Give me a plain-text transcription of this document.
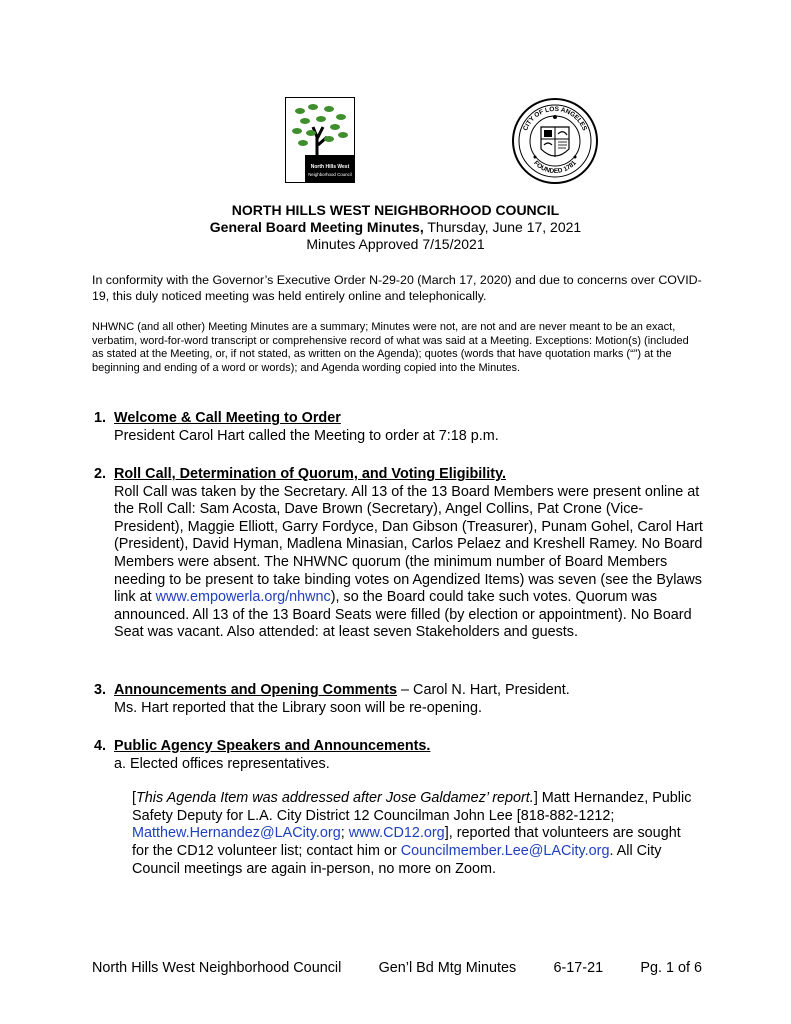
North Hills West
Neighborhood Council
CITY OF LOS ANGELES
FOUNDED 1781
NORTH HILLS WEST NEIGHBORHOOD COUNCIL
General Board Meeting Minutes, Thursday, June 17, 2021
Minutes Approved 7/15/2021

In conformity with the Governor’s Executive Order N-29-20 (March 17, 2020) and due to concerns over COVID-19, this duly noticed meeting was held entirely online and telephonically.

NHWNC (and all other) Meeting Minutes are a summary; Minutes were not, are not and are never meant to be an exact, verbatim, word-for-word transcript or comprehensive record of what was said at a Meeting. Exceptions: Motion(s) (included as stated at the Meeting, or, if not stated, as written on the Agenda); quotes (words that have quotation marks (“”) at the beginning and ending of a word or words); and Agenda wording copied into the Minutes.

1. Welcome & Call Meeting to Order
President Carol Hart called the Meeting to order at 7:18 p.m.
2. Roll Call, Determination of Quorum, and Voting Eligibility.
Roll Call was taken by the Secretary. All 13 of the 13 Board Members were present online at the Roll Call: Sam Acosta, Dave Brown (Secretary), Angel Collins, Pat Crone (Vice-President), Maggie Elliott, Garry Fordyce, Dan Gibson (Treasurer), Punam Gohel, Carol Hart (President), David Hyman, Madlena Minasian, Carlos Pelaez and Kreshell Ramey. No Board Members were absent. The NHWNC quorum (the minimum number of Board Members needing to be present to take binding votes on Agendized Items) was seven (see the Bylaws link at www.empowerla.org/nhwnc), so the Board could take such votes. Quorum was announced. All 13 of the 13 Board Seats were filled (by election or appointment). No Board Seat was vacant. Also attended: at least seven Stakeholders and guests.
3. Announcements and Opening Comments – Carol N. Hart, President.
Ms. Hart reported that the Library soon will be re-opening.
4. Public Agency Speakers and Announcements.
a. Elected offices representatives.
[This Agenda Item was addressed after Jose Galdamez’ report.] Matt Hernandez, Public Safety Deputy for L.A. City District 12 Councilman John Lee [818-882-1212; Matthew.Hernandez@LACity.org; www.CD12.org], reported that volunteers are sought for the CD12 volunteer list; contact him or Councilmember.Lee@LACity.org. All City Council meetings are again in-person, no more on Zoom.
North Hills West Neighborhood Council	Gen’l Bd Mtg Minutes	6-17-21	Pg. 1 of 6
